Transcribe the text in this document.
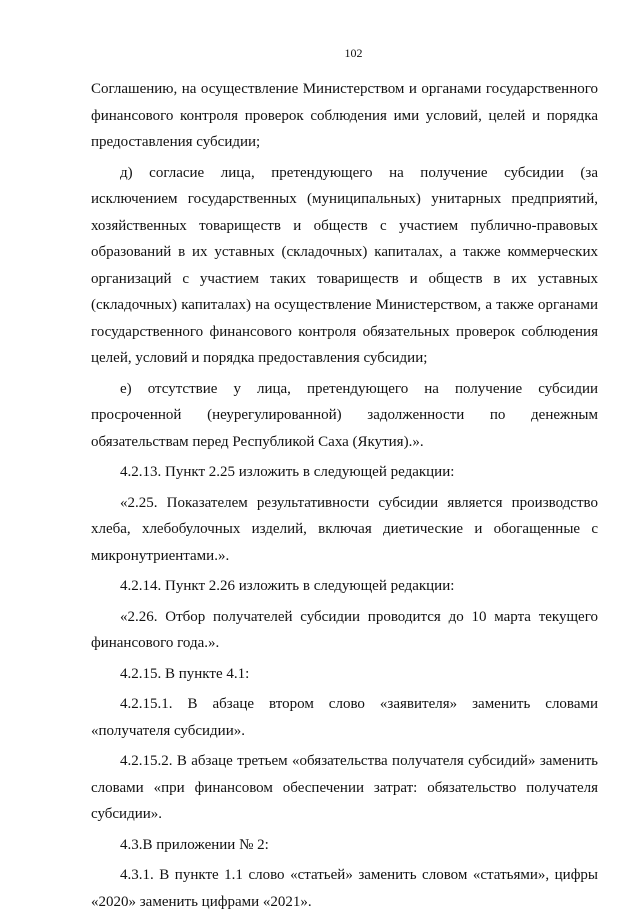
102

Соглашению, на осуществление Министерством и органами государственного финансового контроля проверок соблюдения ими условий, целей и порядка предоставления субсидии;

д) согласие лица, претендующего на получение субсидии (за исключением государственных (муниципальных) унитарных предприятий, хозяйственных товариществ и обществ с участием публично-правовых образований в их уставных (складочных) капиталах, а также коммерческих организаций с участием таких товариществ и обществ в их уставных (складочных) капиталах) на осуществление Министерством, а также органами государственного финансового контроля обязательных проверок соблюдения целей, условий и порядка предоставления субсидии;

е) отсутствие у лица, претендующего на получение субсидии просроченной (неурегулированной) задолженности по денежным обязательствам перед Республикой Саха (Якутия).».

4.2.13. Пункт 2.25 изложить в следующей редакции:

«2.25. Показателем результативности субсидии является производство хлеба, хлебобулочных изделий, включая диетические и обогащенные с микронутриентами.».

4.2.14. Пункт 2.26 изложить в следующей редакции:

«2.26. Отбор получателей субсидии проводится до 10 марта текущего финансового года.».

4.2.15. В пункте 4.1:

4.2.15.1. В абзаце втором слово «заявителя» заменить словами «получателя субсидии».

4.2.15.2. В абзаце третьем «обязательства получателя субсидий» заменить словами «при финансовом обеспечении затрат: обязательство получателя субсидии».

4.3.В приложении № 2:

4.3.1. В пункте 1.1 слово «статьей» заменить словом «статьями», цифры «2020» заменить цифрами «2021».
